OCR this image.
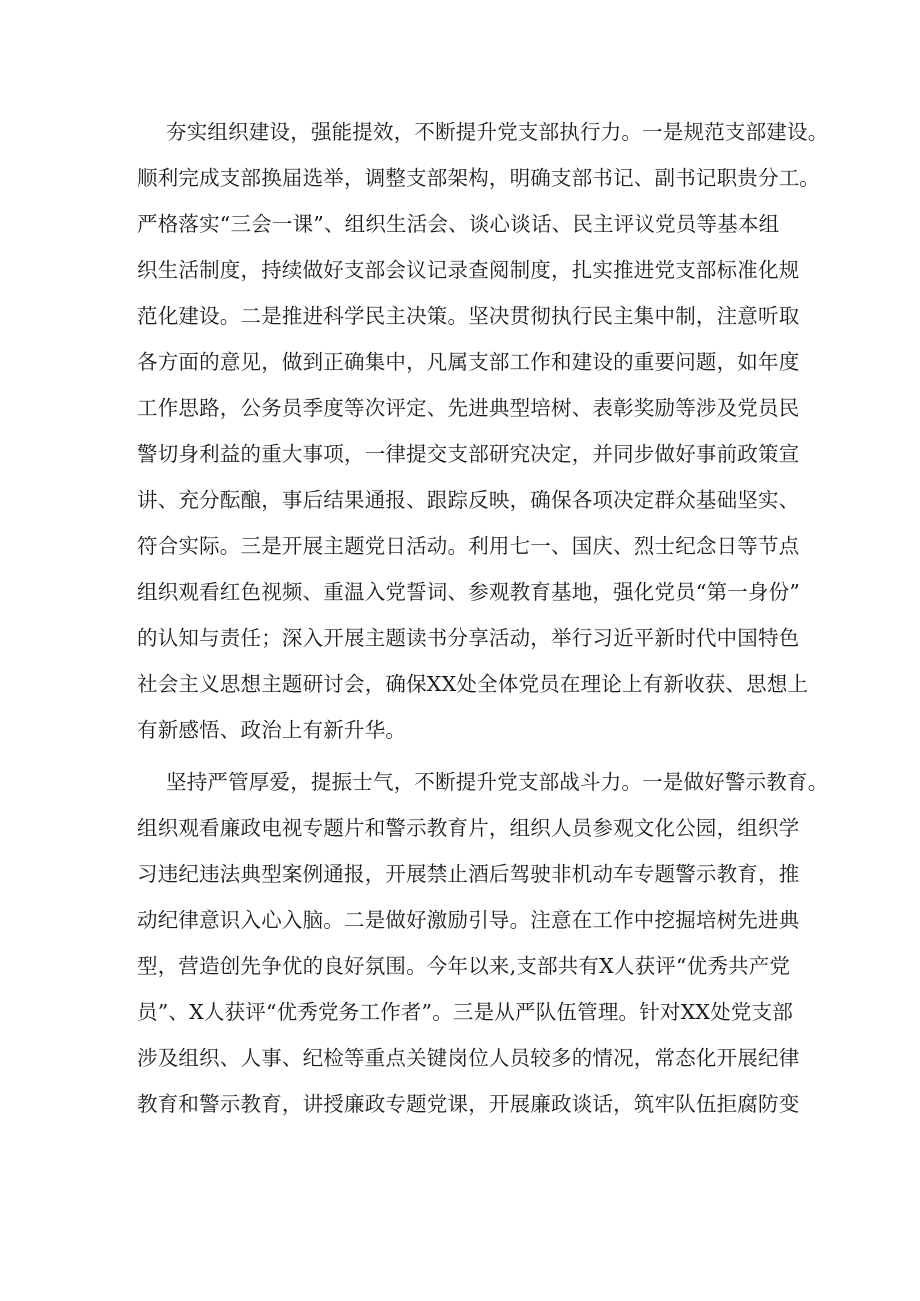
夯实组织建设，强能提效，不断提升党支部执行力。一是规范支部建设。
顺利完成支部换届选举，调整支部架构，明确支部书记、副书记职贵分工。
严格落实“三会一课”、组织生活会、谈心谈话、民主评议党员等基本组
织生活制度，持续做好支部会议记录查阅制度，扎实推进党支部标准化规
范化建设。二是推进科学民主决策。坚决贯彻执行民主集中制，注意听取
各方面的意见，做到正确集中，凡属支部工作和建设的重要问题，如年度
工作思路，公务员季度等次评定、先进典型培树、表彰奖励等涉及党员民
警切身利益的重大事项，一律提交支部研究决定，并同步做好事前政策宣
讲、充分酝酿，事后结果通报、跟踪反映，确保各项决定群众基础坚实、
符合实际。三是开展主题党日活动。利用七一、国庆、烈士纪念日等节点
组织观看红色视频、重温入党誓词、参观教育基地，强化党员“第一身份”
的认知与责任；深入开展主题读书分享活动，举行习近平新时代中国特色
社会主义思想主题研讨会，确保XX处全体党员在理论上有新收获、思想上
有新感悟、政治上有新升华。
坚持严管厚爱，提振士气，不断提升党支部战斗力。一是做好警示教育。
组织观看廉政电视专题片和警示教育片，组织人员参观文化公园，组织学
习违纪违法典型案例通报，开展禁止酒后驾驶非机动车专题警示教育，推
动纪律意识入心入脑。二是做好激励引导。注意在工作中挖掘培树先进典
型，营造创先争优的良好氛围。今年以来,支部共有X人获评“优秀共产党
员”、X人获评“优秀党务工作者”。三是从严队伍管理。针对XX处党支部
涉及组织、人事、纪检等重点关键岗位人员较多的情况，常态化开展纪律
教育和警示教育，讲授廉政专题党课，开展廉政谈话，筑牢队伍拒腐防变
